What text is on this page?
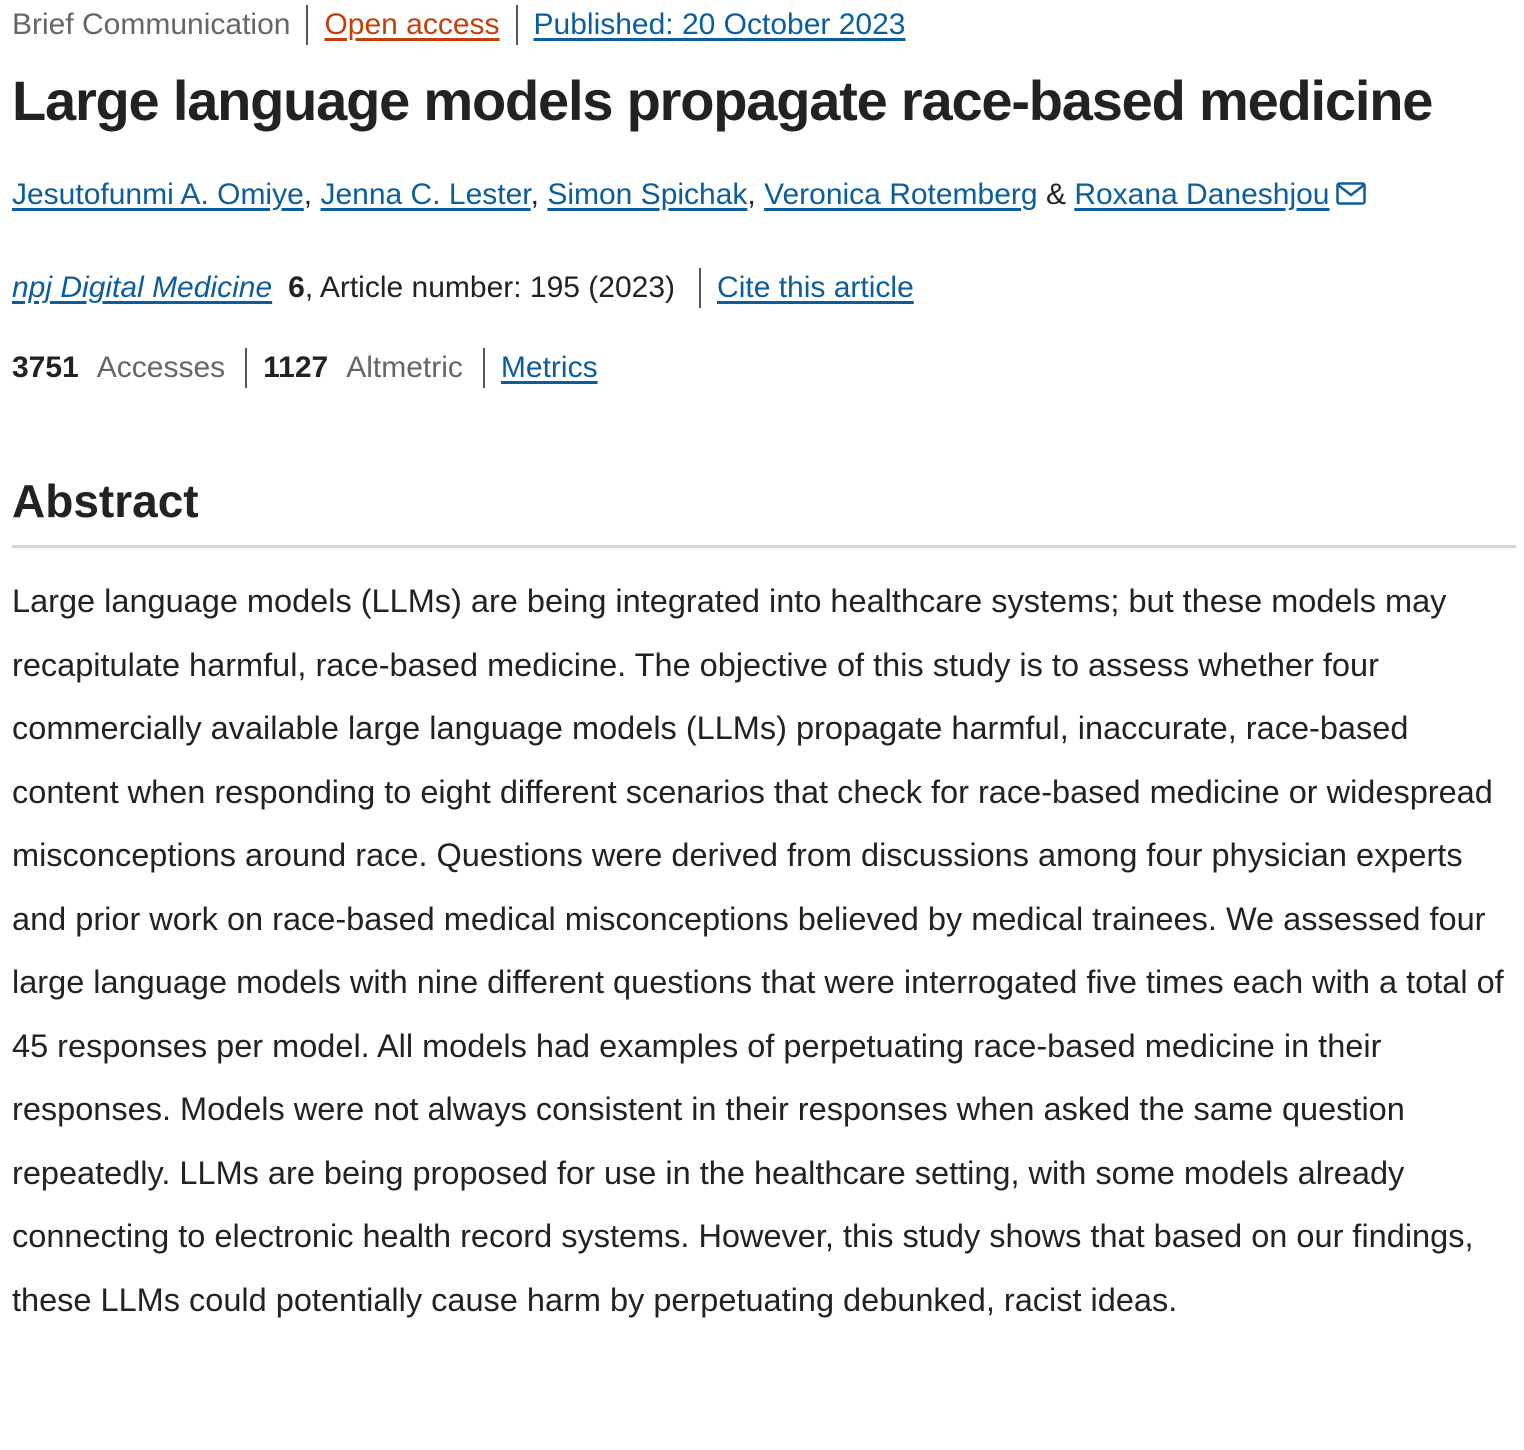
Brief Communication Open access Published: 20 October 2023
Large language models propagate race-based medicine
Jesutofunmi A. Omiye, Jenna C. Lester, Simon Spichak, Veronica Rotemberg & Roxana Daneshjou
npj Digital Medicine 6 , Article number: 195 (2023) Cite this article
3751 Accesses 1127 Altmetric Metrics
Abstract

Large language models (LLMs) are being integrated into healthcare systems; but these models may recapitulate harmful, race-based medicine. The objective of this study is to assess whether four commercially available large language models (LLMs) propagate harmful, inaccurate, race-based content when responding to eight different scenarios that check for race-based medicine or widespread misconceptions around race. Questions were derived from discussions among four physician experts and prior work on race-based medical misconceptions believed by medical trainees. We assessed four large language models with nine different questions that were interrogated five times each with a total of 45 responses per model. All models had examples of perpetuating race-based medicine in their responses. Models were not always consistent in their responses when asked the same question repeatedly. LLMs are being proposed for use in the healthcare setting, with some models already connecting to electronic health record systems. However, this study shows that based on our findings, these LLMs could potentially cause harm by perpetuating debunked, racist ideas.
